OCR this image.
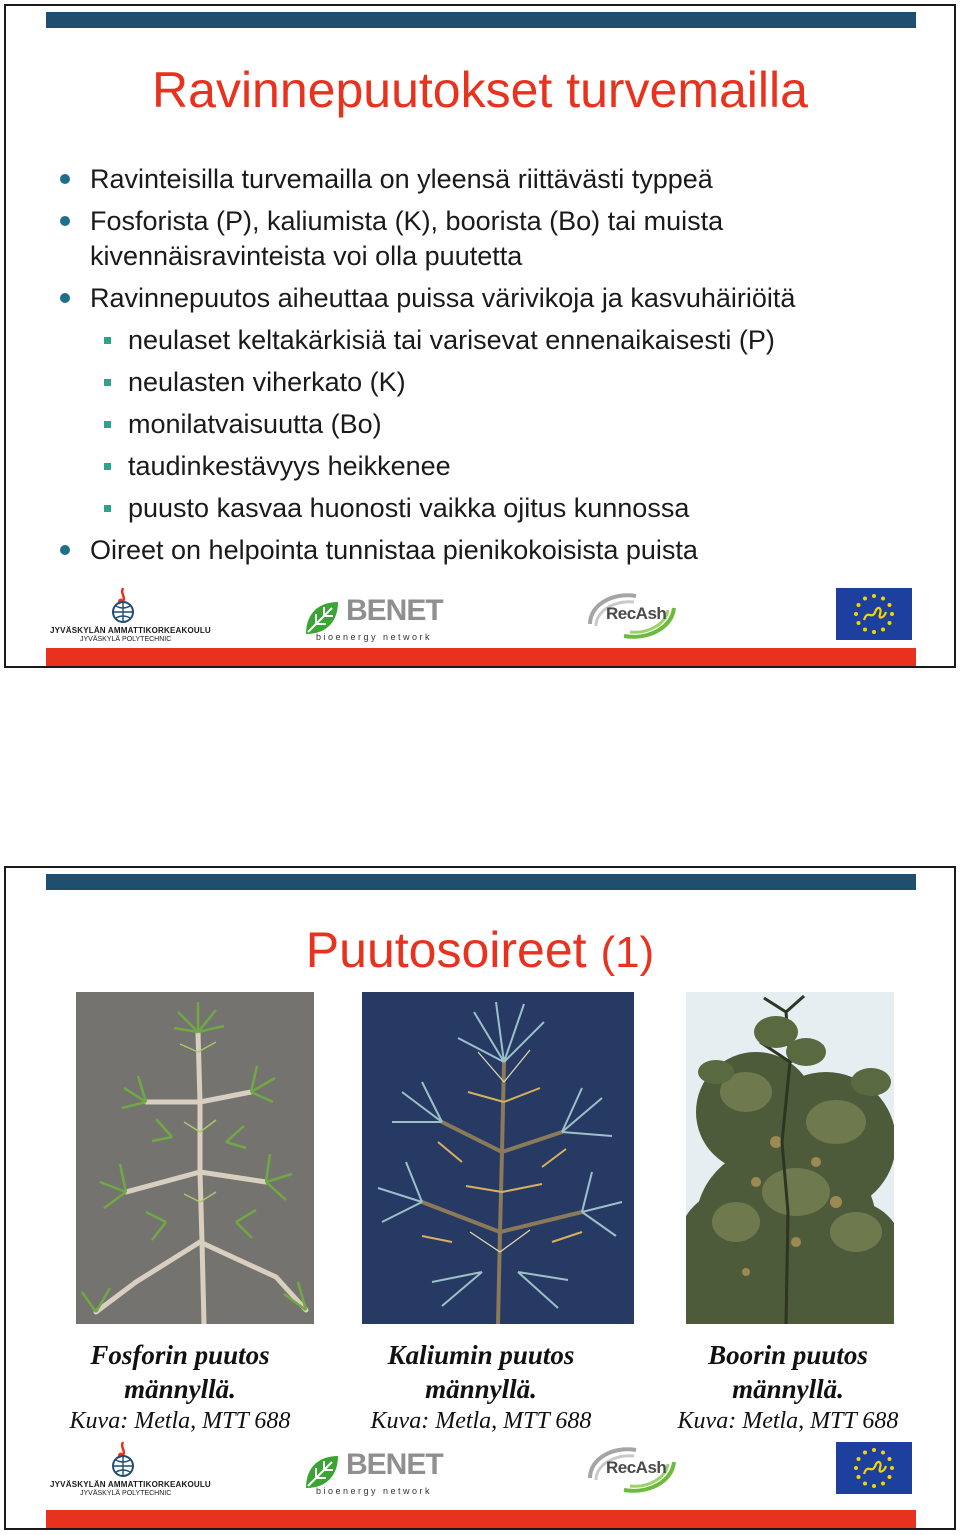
Ravinnepuutokset turvemailla
Ravinteisilla turvemailla on yleensä riittävästi typpeä
Fosforista (P), kaliumista (K), boorista (Bo) tai muista kivennäisravinteista voi olla puutetta
Ravinnepuutos aiheuttaa puissa värivikoja ja kasvuhäiriöitä
neulaset keltakärkisiä tai varisevat ennenaikaisesti (P)
neulasten viherkato (K)
monilatvaisuutta (Bo)
taudinkestävyys heikkenee
puusto kasvaa huonosti vaikka ojitus kunnossa
Oireet on helpointa tunnistaa pienikokoisista puista
JYVÄSKYLÄN AMMATTIKORKEAKOULU
JYVÄSKYLÄ POLYTECHNIC
BENET
bioenergy network
RecAsh
Puutosoireet (1)
Fosforin puutos
männyllä.
Kuva: Metla, MTT 688
Kaliumin puutos
männyllä.
Kuva: Metla, MTT 688
Boorin puutos
männyllä.
Kuva: Metla, MTT 688
JYVÄSKYLÄN AMMATTIKORKEAKOULU
JYVÄSKYLÄ POLYTECHNIC
BENET
bioenergy network
RecAsh
